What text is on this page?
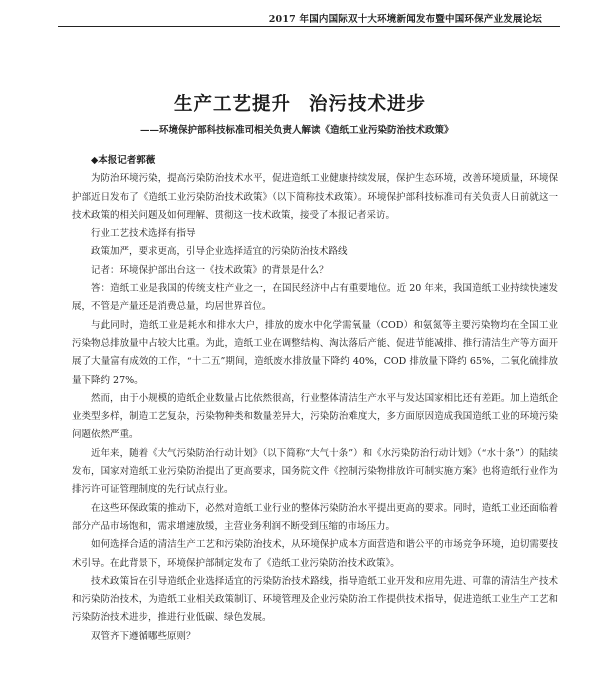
2017 年国内国际双十大环境新闻发布暨中国环保产业发展论坛
生产工艺提升 治污技术进步
——环境保护部科技标准司相关负责人解读《造纸工业污染防治技术政策》

◆本报记者郭薇

为防治环境污染，提高污染防治技术水平，促进造纸工业健康持续发展，保护生态环境，改善环境质量，环境保护部近日发布了《造纸工业污染防治技术政策》（以下简称技术政策）。环境保护部科技标准司有关负责人日前就这一技术政策的相关问题及如何理解、贯彻这一技术政策，接受了本报记者采访。

行业工艺技术选择有指导

政策加严，要求更高，引导企业选择适宜的污染防治技术路线

记者：环境保护部出台这一《技术政策》的背景是什么？

答：造纸工业是我国的传统支柱产业之一，在国民经济中占有重要地位。近 20 年来，我国造纸工业持续快速发展，不管是产量还是消费总量，均居世界首位。

与此同时，造纸工业是耗水和排水大户，排放的废水中化学需氧量（COD）和氨氮等主要污染物均在全国工业污染物总排放量中占较大比重。为此，造纸工业在调整结构、淘汰落后产能、促进节能减排、推行清洁生产等方面开展了大量富有成效的工作，“十二五”期间，造纸废水排放量下降约 40%，COD 排放量下降约 65%，二氧化硫排放量下降约 27%。

然而，由于小规模的造纸企业数量占比依然很高，行业整体清洁生产水平与发达国家相比还有差距。加上造纸企业类型多样，制造工艺复杂，污染物种类和数量差异大，污染防治难度大，多方面原因造成我国造纸工业的环境污染问题依然严重。

近年来，随着《大气污染防治行动计划》（以下简称“大气十条”）和《水污染防治行动计划》（“水十条”）的陆续发布，国家对造纸工业污染防治提出了更高要求，国务院文件《控制污染物排放许可制实施方案》也将造纸行业作为排污许可证管理制度的先行试点行业。

在这些环保政策的推动下，必然对造纸工业行业的整体污染防治水平提出更高的要求。同时，造纸工业还面临着部分产品市场饱和，需求增速放缓，主营业务利润不断受到压缩的市场压力。

如何选择合适的清洁生产工艺和污染防治技术，从环境保护成本方面营造和谐公平的市场竞争环境，迫切需要技术引导。在此背景下，环境保护部制定发布了《造纸工业污染防治技术政策》。

技术政策旨在引导造纸企业选择适宜的污染防治技术路线，指导造纸工业开发和应用先进、可靠的清洁生产技术和污染防治技术，为造纸工业相关政策制订、环境管理及企业污染防治工作提供技术指导，促进造纸工业生产工艺和污染防治技术进步，推进行业低碳、绿色发展。

双管齐下遵循哪些原则？
